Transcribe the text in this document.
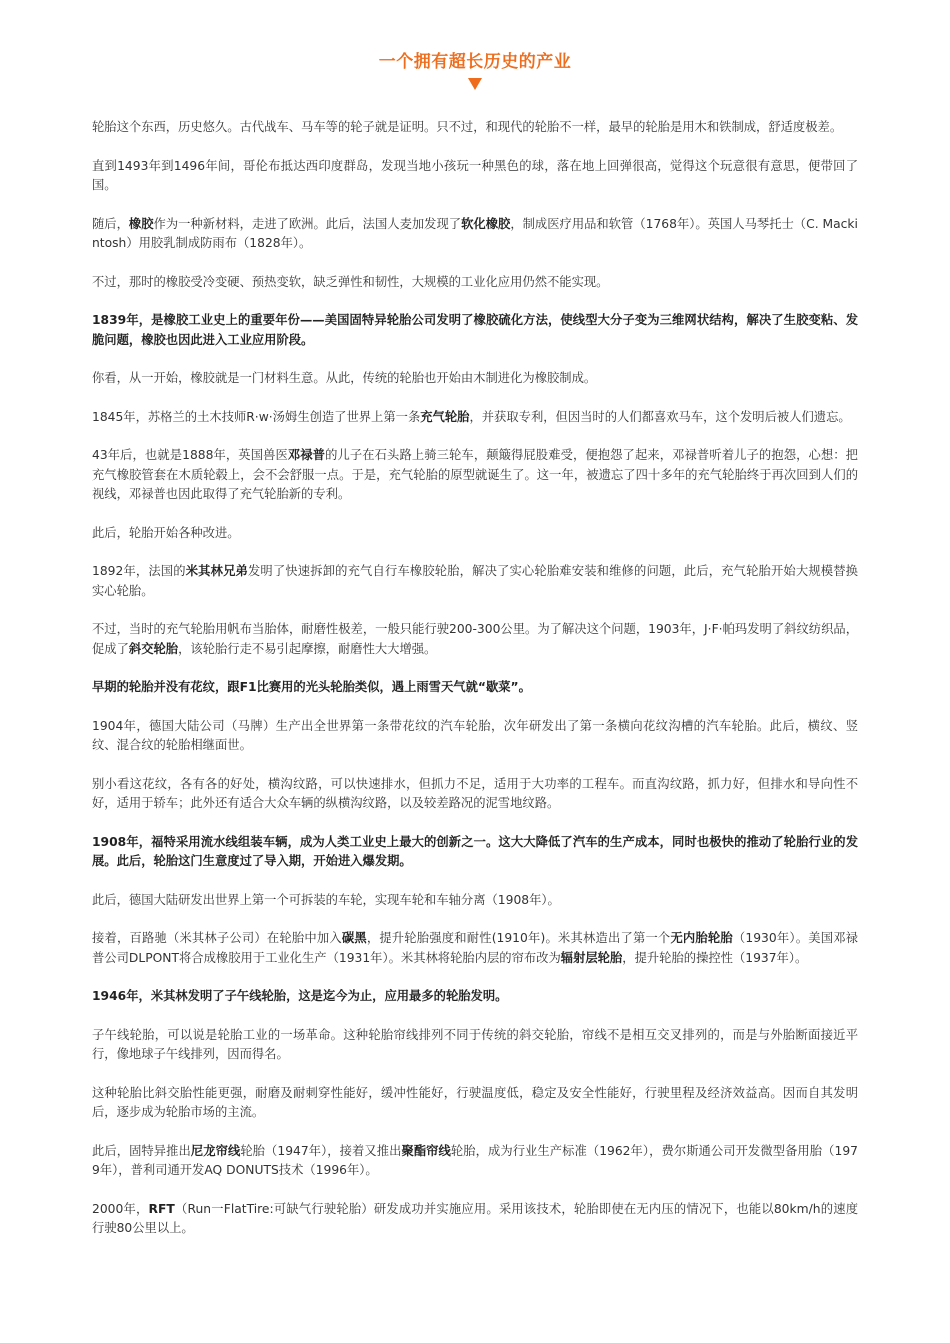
一个拥有超长历史的产业

轮胎这个东西，历史悠久。古代战车、马车等的轮子就是证明。只不过，和现代的轮胎不一样，最早的轮胎是用木和铁制成，舒适度极差。

直到1493年到1496年间，哥伦布抵达西印度群岛，发现当地小孩玩一种黑色的球，落在地上回弹很高，觉得这个玩意很有意思，便带回了国。

随后，橡胶作为一种新材料，走进了欧洲。此后，法国人麦加发现了软化橡胶，制成医疗用品和软管（1768年）。英国人马琴托士（C. Mackintosh）用胶乳制成防雨布（1828年）。

不过，那时的橡胶受冷变硬、预热变软，缺乏弹性和韧性，大规模的工业化应用仍然不能实现。

1839年，是橡胶工业史上的重要年份——美国固特异轮胎公司发明了橡胶硫化方法，使线型大分子变为三维网状结构，解决了生胶变粘、发脆问题，橡胶也因此进入工业应用阶段。

你看，从一开始，橡胶就是一门材料生意。从此，传统的轮胎也开始由木制进化为橡胶制成。

1845年，苏格兰的土木技师R·w·汤姆生创造了世界上第一条充气轮胎，并获取专利，但因当时的人们都喜欢马车，这个发明后被人们遗忘。

43年后，也就是1888年，英国兽医邓禄普的儿子在石头路上骑三轮车，颠簸得屁股难受，便抱怨了起来，邓禄普听着儿子的抱怨，心想：把充气橡胶管套在木质轮毂上，会不会舒服一点。于是，充气轮胎的原型就诞生了。这一年，被遗忘了四十多年的充气轮胎终于再次回到人们的视线，邓禄普也因此取得了充气轮胎新的专利。

此后，轮胎开始各种改进。

1892年，法国的米其林兄弟发明了快速拆卸的充气自行车橡胶轮胎，解决了实心轮胎难安装和维修的问题，此后，充气轮胎开始大规模替换实心轮胎。

不过，当时的充气轮胎用帆布当胎体，耐磨性极差，一般只能行驶200-300公里。为了解决这个问题，1903年，J·F·帕玛发明了斜纹纺织品，促成了斜交轮胎，该轮胎行走不易引起摩擦，耐磨性大大增强。

早期的轮胎并没有花纹，跟F1比赛用的光头轮胎类似，遇上雨雪天气就“歇菜”。

1904年，德国大陆公司（马牌）生产出全世界第一条带花纹的汽车轮胎，次年研发出了第一条横向花纹沟槽的汽车轮胎。此后，横纹、竖纹、混合纹的轮胎相继面世。

别小看这花纹，各有各的好处，横沟纹路，可以快速排水，但抓力不足，适用于大功率的工程车。而直沟纹路，抓力好，但排水和导向性不好，适用于轿车；此外还有适合大众车辆的纵横沟纹路，以及较差路况的泥雪地纹路。

1908年，福特采用流水线组装车辆，成为人类工业史上最大的创新之一。这大大降低了汽车的生产成本，同时也极快的推动了轮胎行业的发展。此后，轮胎这门生意度过了导入期，开始进入爆发期。

此后，德国大陆研发出世界上第一个可拆装的车轮，实现车轮和车轴分离（1908年）。

接着，百路驰（米其林子公司）在轮胎中加入碳黑，提升轮胎强度和耐性(1910年)。米其林造出了第一个无内胎轮胎（1930年）。美国邓禄普公司DLPONT将合成橡胶用于工业化生产（1931年）。米其林将轮胎内层的帘布改为辐射层轮胎，提升轮胎的操控性（1937年）。

1946年，米其林发明了子午线轮胎，这是迄今为止，应用最多的轮胎发明。

子午线轮胎，可以说是轮胎工业的一场革命。这种轮胎帘线排列不同于传统的斜交轮胎，帘线不是相互交叉排列的，而是与外胎断面接近平行，像地球子午线排列，因而得名。

这种轮胎比斜交胎性能更强，耐磨及耐刺穿性能好，缓冲性能好，行驶温度低，稳定及安全性能好，行驶里程及经济效益高。因而自其发明后，逐步成为轮胎市场的主流。

此后，固特异推出尼龙帘线轮胎（1947年），接着又推出聚酯帘线轮胎，成为行业生产标准（1962年），费尔斯通公司开发微型备用胎（1979年），普利司通开发AQ DONUTS技术（1996年）。

2000年，RFT（Run一FlatTire:可缺气行驶轮胎）研发成功并实施应用。采用该技术，轮胎即使在无内压的情况下，也能以80km/h的速度行驶80公里以上。
